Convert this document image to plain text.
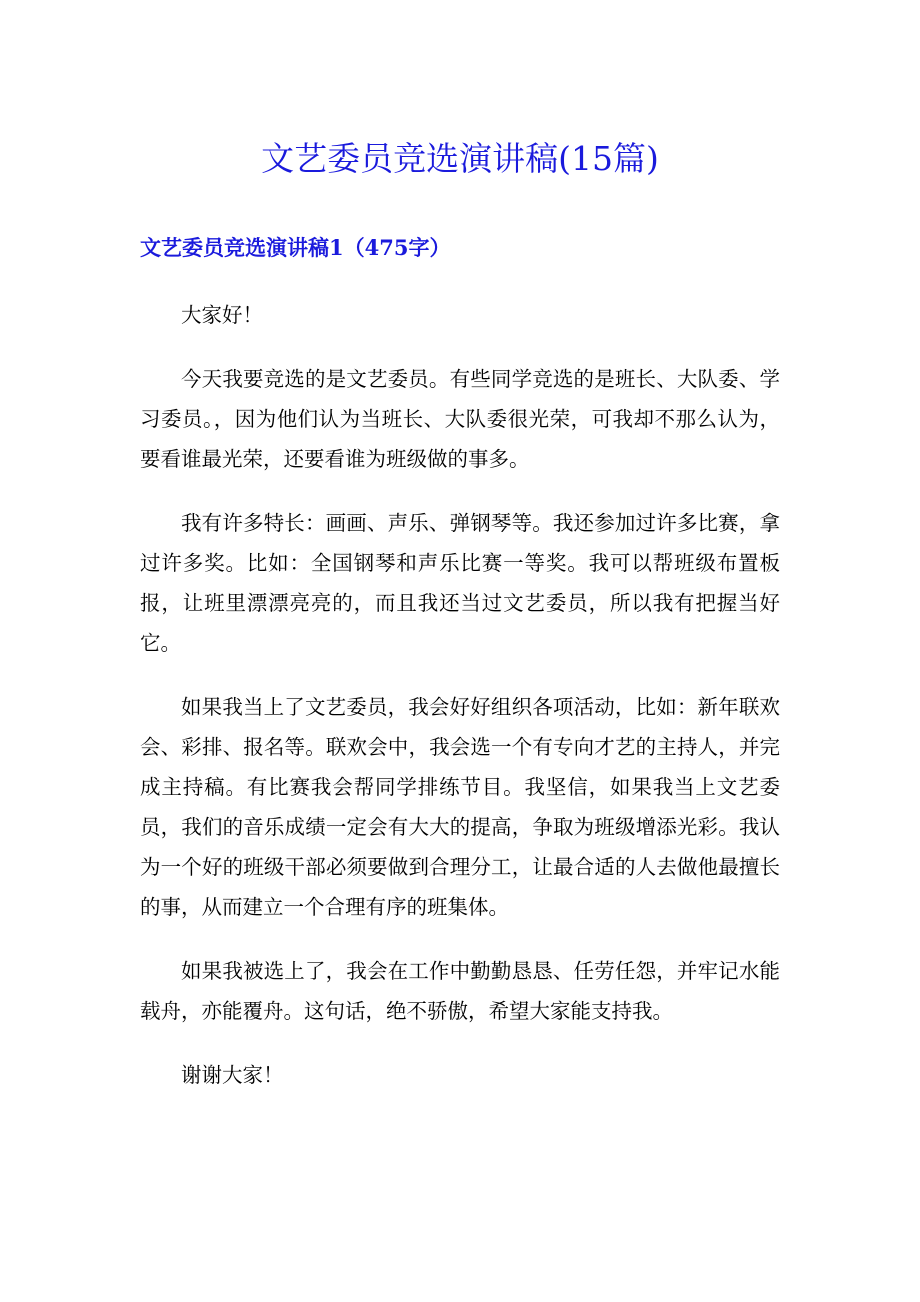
文艺委员竞选演讲稿(15篇)
文艺委员竞选演讲稿1（475字）

大家好！

今天我要竞选的是文艺委员。有些同学竞选的是班长、大队委、学习委员。，因为他们认为当班长、大队委很光荣，可我却不那么认为，要看谁最光荣，还要看谁为班级做的事多。

我有许多特长：画画、声乐、弹钢琴等。我还参加过许多比赛，拿过许多奖。比如：全国钢琴和声乐比赛一等奖。我可以帮班级布置板报，让班里漂漂亮亮的，而且我还当过文艺委员，所以我有把握当好它。

如果我当上了文艺委员，我会好好组织各项活动，比如：新年联欢会、彩排、报名等。联欢会中，我会选一个有专向才艺的主持人，并完成主持稿。有比赛我会帮同学排练节目。我坚信，如果我当上文艺委员，我们的音乐成绩一定会有大大的提高，争取为班级增添光彩。我认为一个好的班级干部必须要做到合理分工，让最合适的人去做他最擅长的事，从而建立一个合理有序的班集体。

如果我被选上了，我会在工作中勤勤恳恳、任劳任怨，并牢记水能载舟，亦能覆舟。这句话，绝不骄傲，希望大家能支持我。

谢谢大家！
